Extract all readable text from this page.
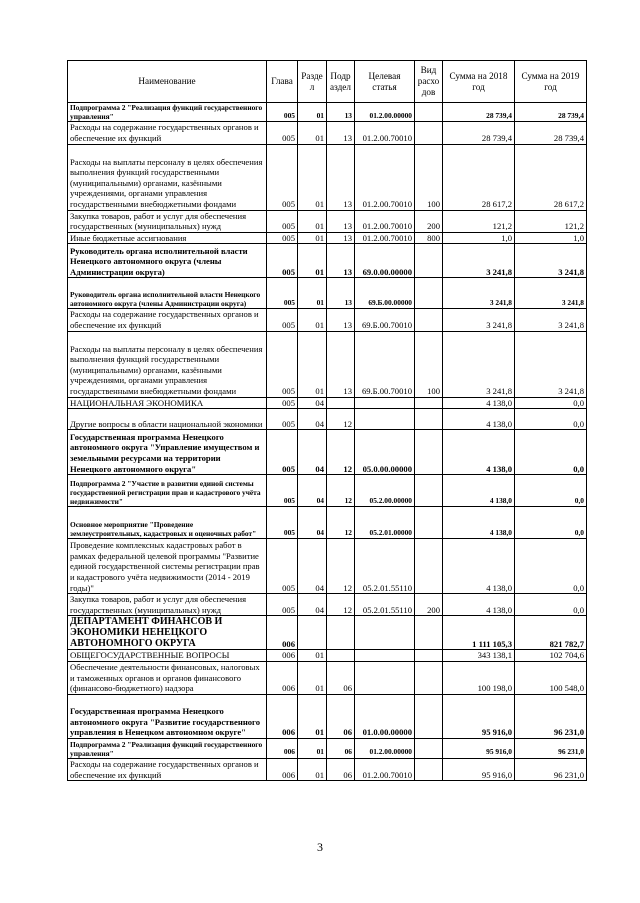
Наименование	Глава	Разде л	Подр аздел	Целевая статья	Вид расхо дов	Сумма на 2018 год	Сумма на 2019 год
Подпрограмма 2 "Реализация функций государственного управления"	005	01	13	01.2.00.00000		28 739,4	28 739,4
Расходы на содержание государственных органов и обеспечение их функций	005	01	13	01.2.00.70010		28 739,4	28 739,4
Расходы на выплаты персоналу в целях обеспечения выполнения функций государственными (муниципальными) органами, казёнными учреждениями, органами управления государственными внебюджетными фондами	005	01	13	01.2.00.70010	100	28 617,2	28 617,2
Закупка товаров, работ и услуг для обеспечения государственных (муниципальных) нужд	005	01	13	01.2.00.70010	200	121,2	121,2
Иные бюджетные ассигнования	005	01	13	01.2.00.70010	800	1,0	1,0
Руководитель органа исполнительной власти Ненецкого автономного округа (члены Администрации округа)	005	01	13	69.0.00.00000		3 241,8	3 241,8
Руководитель органа исполнительной власти Ненецкого автономного округа (члены Администрации округа)	005	01	13	69.Б.00.00000		3 241,8	3 241,8
Расходы на содержание государственных органов и обеспечение их функций	005	01	13	69.Б.00.70010		3 241,8	3 241,8
Расходы на выплаты персоналу в целях обеспечения выполнения функций государственными (муниципальными) органами, казёнными учреждениями, органами управления государственными внебюджетными фондами	005	01	13	69.Б.00.70010	100	3 241,8	3 241,8
НАЦИОНАЛЬНАЯ ЭКОНОМИКА	005	04				4 138,0	0,0
Другие вопросы в области национальной экономики	005	04	12			4 138,0	0,0
Государственная программа Ненецкого автономного округа "Управление имуществом и земельными ресурсами на территории Ненецкого автономного округа"	005	04	12	05.0.00.00000		4 138,0	0,0
Подпрограмма 2 "Участие в развитии единой системы государственной регистрации прав и кадастрового учёта недвижимости"	005	04	12	05.2.00.00000		4 138,0	0,0
Основное мероприятие "Проведение землеустроительных, кадастровых и оценочных работ"	005	04	12	05.2.01.00000		4 138,0	0,0
Проведение комплексных кадастровых работ в рамках федеральной целевой программы "Развитие единой государственной системы регистрации прав и кадастрового учёта недвижимости (2014 - 2019 годы)"	005	04	12	05.2.01.55110		4 138,0	0,0
Закупка товаров, работ и услуг для обеспечения государственных (муниципальных) нужд	005	04	12	05.2.01.55110	200	4 138,0	0,0
ДЕПАРТАМЕНТ ФИНАНСОВ И ЭКОНОМИКИ НЕНЕЦКОГО АВТОНОМНОГО ОКРУГА	006					1 111 105,3	821 782,7
ОБЩЕГОСУДАРСТВЕННЫЕ ВОПРОСЫ	006	01				343 138,1	102 704,6
Обеспечение деятельности финансовых, налоговых и таможенных органов и органов финансового (финансово-бюджетного) надзора	006	01	06			100 198,0	100 548,0
Государственная программа Ненецкого автономного округа "Развитие государственного управления в Ненецком автономном округе"	006	01	06	01.0.00.00000		95 916,0	96 231,0
Подпрограмма 2 "Реализация функций государственного управления"	006	01	06	01.2.00.00000		95 916,0	96 231,0
Расходы на содержание государственных органов и обеспечение их функций	006	01	06	01.2.00.70010		95 916,0	96 231,0
3
